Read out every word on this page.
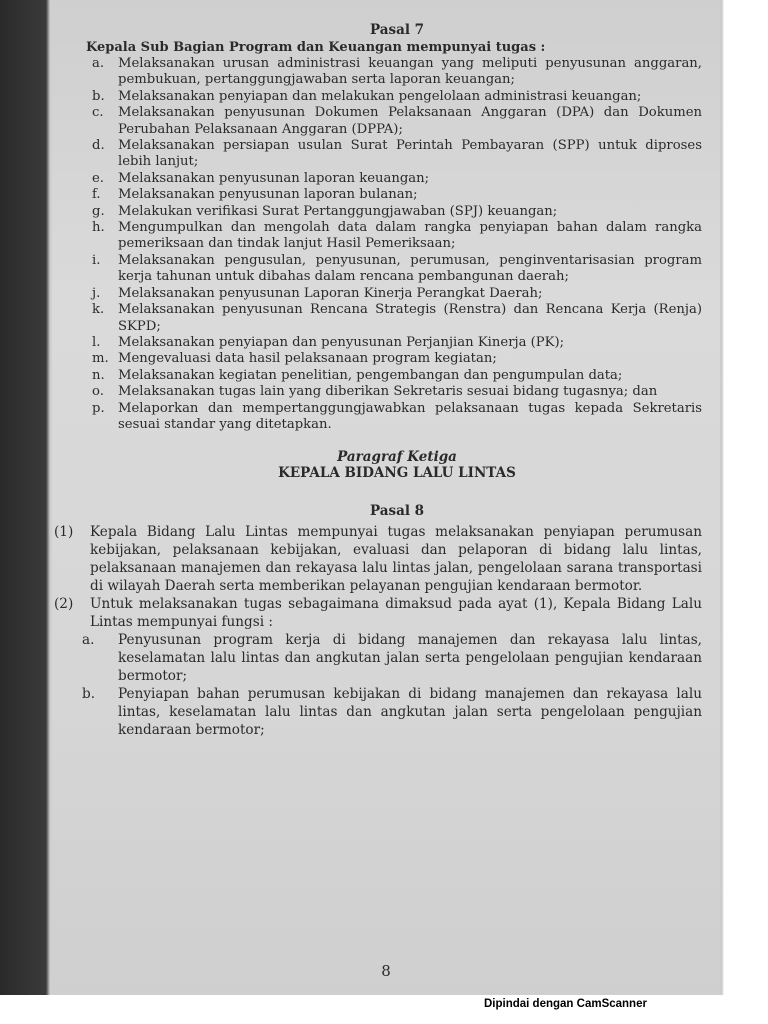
Pasal 7
Kepala Sub Bagian Program dan Keuangan mempunyai tugas :
a.	Melaksanakan urusan administrasi keuangan yang meliputi penyusunan anggaran, pembukuan, pertanggungjawaban serta laporan keuangan;
b.	Melaksanakan penyiapan dan melakukan pengelolaan administrasi keuangan;
c.	Melaksanakan penyusunan Dokumen Pelaksanaan Anggaran (DPA) dan Dokumen Perubahan Pelaksanaan Anggaran (DPPA);
d.	Melaksanakan persiapan usulan Surat Perintah Pembayaran (SPP) untuk diproses lebih lanjut;
e.	Melaksanakan penyusunan laporan keuangan;
f.	Melaksanakan penyusunan laporan bulanan;
g.	Melakukan verifikasi Surat Pertanggungjawaban (SPJ) keuangan;
h.	Mengumpulkan dan mengolah data dalam rangka penyiapan bahan dalam rangka pemeriksaan dan tindak lanjut Hasil Pemeriksaan;
i.	Melaksanakan pengusulan, penyusunan, perumusan, penginventarisasian program kerja tahunan untuk dibahas dalam rencana pembangunan daerah;
j.	Melaksanakan penyusunan Laporan Kinerja Perangkat Daerah;
k.	Melaksanakan penyusunan Rencana Strategis (Renstra) dan Rencana Kerja (Renja) SKPD;
l.	Melaksanakan penyiapan dan penyusunan Perjanjian Kinerja (PK);
m. Mengevaluasi data hasil pelaksanaan program kegiatan;
n.	Melaksanakan kegiatan penelitian, pengembangan dan pengumpulan data;
o.	Melaksanakan tugas lain yang diberikan Sekretaris sesuai bidang tugasnya; dan
p.	Melaporkan dan mempertanggungjawabkan pelaksanaan tugas kepada Sekretaris sesuai standar yang ditetapkan.
Paragraf Ketiga
KEPALA BIDANG LALU LINTAS
Pasal 8
(1)	Kepala Bidang Lalu Lintas mempunyai tugas melaksanakan penyiapan perumusan kebijakan, pelaksanaan kebijakan, evaluasi dan pelaporan di bidang lalu lintas, pelaksanaan manajemen dan rekayasa lalu lintas jalan, pengelolaan sarana transportasi di wilayah Daerah serta memberikan pelayanan pengujian kendaraan bermotor.
(2)	Untuk melaksanakan tugas sebagaimana dimaksud pada ayat (1), Kepala Bidang Lalu Lintas mempunyai fungsi :
a.	Penyusunan program kerja di bidang manajemen dan rekayasa lalu lintas, keselamatan lalu lintas dan angkutan jalan serta pengelolaan pengujian kendaraan bermotor;
b.	Penyiapan bahan perumusan kebijakan di bidang manajemen dan rekayasa lalu lintas, keselamatan lalu lintas dan angkutan jalan serta pengelolaan pengujian kendaraan bermotor;
8
Dipindai dengan CamScanner
